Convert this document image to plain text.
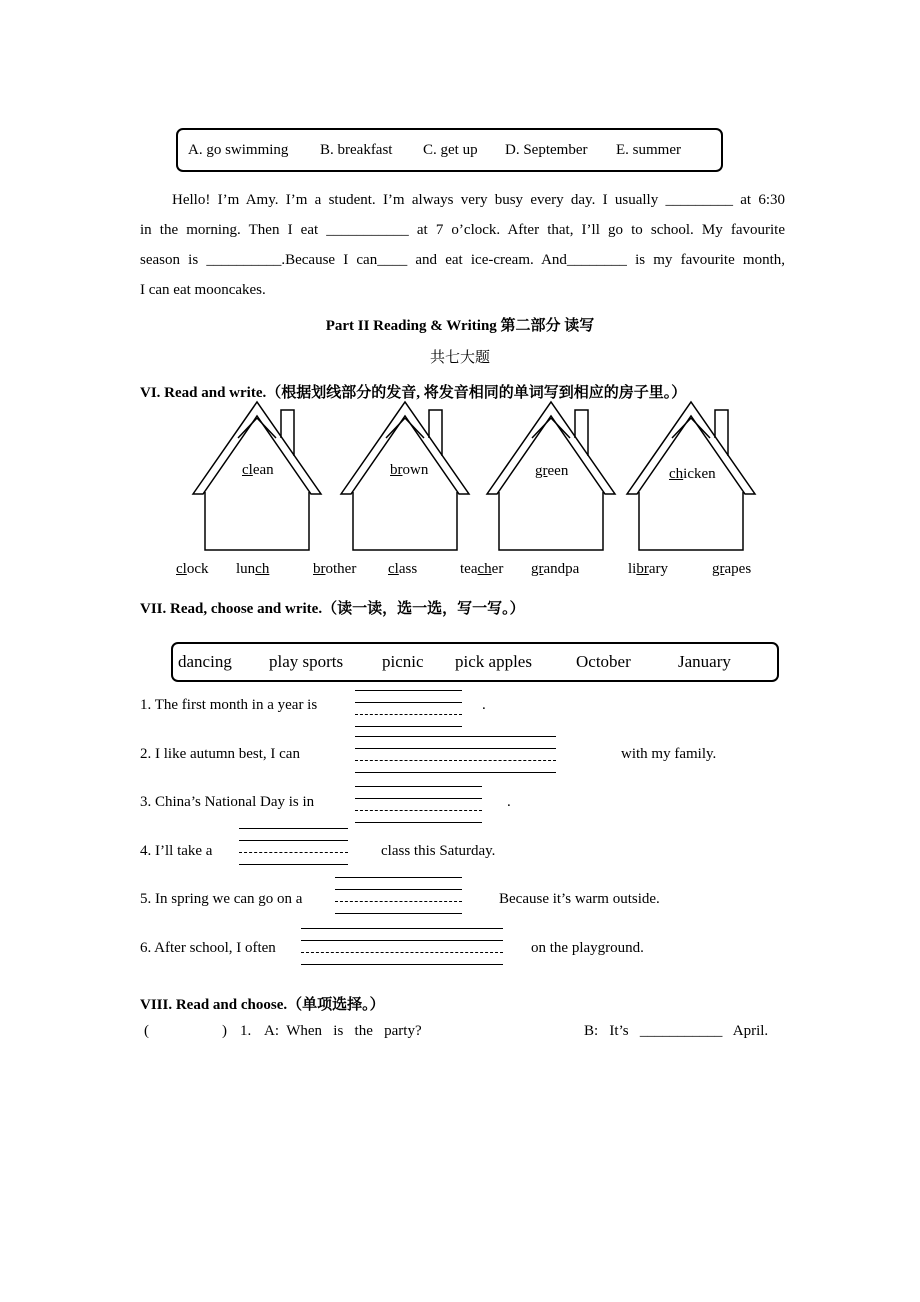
A. go swimming B. breakfast C. get up D. September E. summer
Hello! I’m Amy. I’m a student. I’m always very busy every day. I usually _________ at 6:30
in the morning. Then I eat ___________ at 7 o’clock. After that, I’ll go to school. My favourite
season is __________.Because I can____ and eat ice-cream. And________ is my favourite month,
I can eat mooncakes.
Part II Reading & Writing 第二部分 读写
共七大题
VI. Read and write.（根据划线部分的发音, 将发音相同的单词写到相应的房子里。）
clean	brown	green	chicken
clock lunch	brother class	teacher grandpa	library	grapes
VII. Read, choose and write.（读一读，选一选，写一写。）
dancing play sports picnic pick apples	October	January
1. The first month in a year is	.
2. I like autumn best, I can	with my family.
3. China’s National Day is in	.
4. I’ll take a	class this Saturday.
5. In spring we can go on a	Because it’s warm outside.
6. After school, I often	on the playground.
VIII. Read and choose.（单项选择。）
(	) 1. A:  When   is   the   party?	B:   It’s   ___________   April.
